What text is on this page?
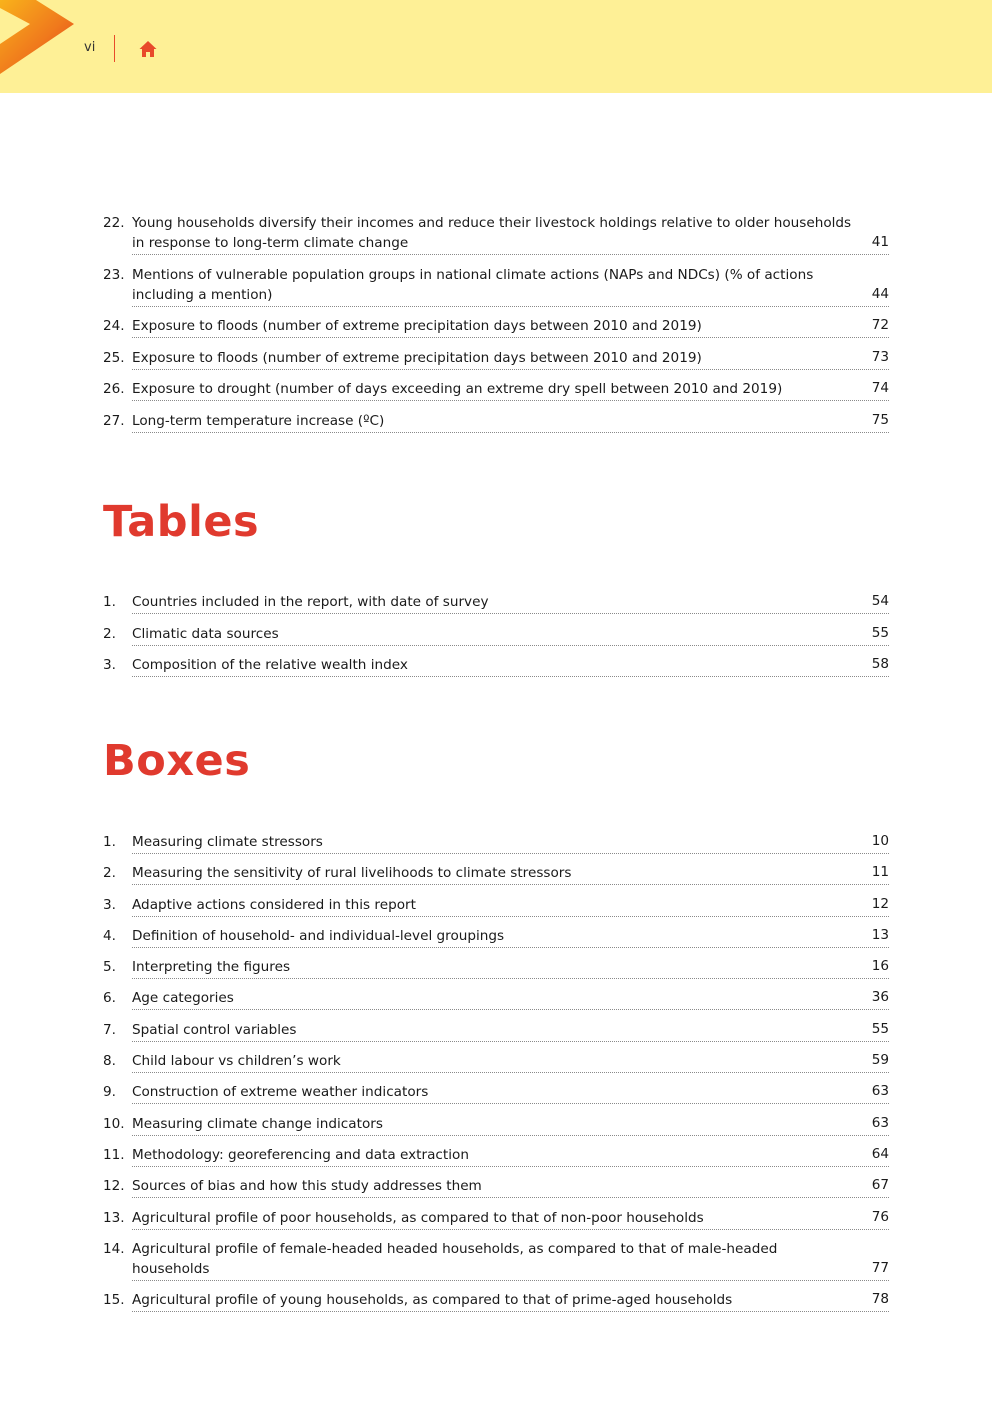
vi
22. Young households diversify their incomes and reduce their livestock holdings relative to older households in response to long-term climate change	41
23. Mentions of vulnerable population groups in national climate actions (NAPs and NDCs) (% of actions including a mention)	44
24. Exposure to floods (number of extreme precipitation days between 2010 and 2019)	72
25. Exposure to floods (number of extreme precipitation days between 2010 and 2019)	73
26. Exposure to drought (number of days exceeding an extreme dry spell between 2010 and 2019)	74
27. Long-term temperature increase (ºC)	75
Tables
1. Countries included in the report, with date of survey	54
2. Climatic data sources	55
3. Composition of the relative wealth index	58
Boxes
1. Measuring climate stressors	10
2. Measuring the sensitivity of rural livelihoods to climate stressors	11
3. Adaptive actions considered in this report	12
4. Definition of household- and individual-level groupings	13
5. Interpreting the figures	16
6. Age categories	36
7. Spatial control variables	55
8. Child labour vs children’s work	59
9. Construction of extreme weather indicators	63
10. Measuring climate change indicators	63
11. Methodology: georeferencing and data extraction	64
12. Sources of bias and how this study addresses them	67
13. Agricultural profile of poor households, as compared to that of non-poor households	76
14. Agricultural profile of female-headed headed households, as compared to that of male-headed households	77
15. Agricultural profile of young households, as compared to that of prime-aged households	78
